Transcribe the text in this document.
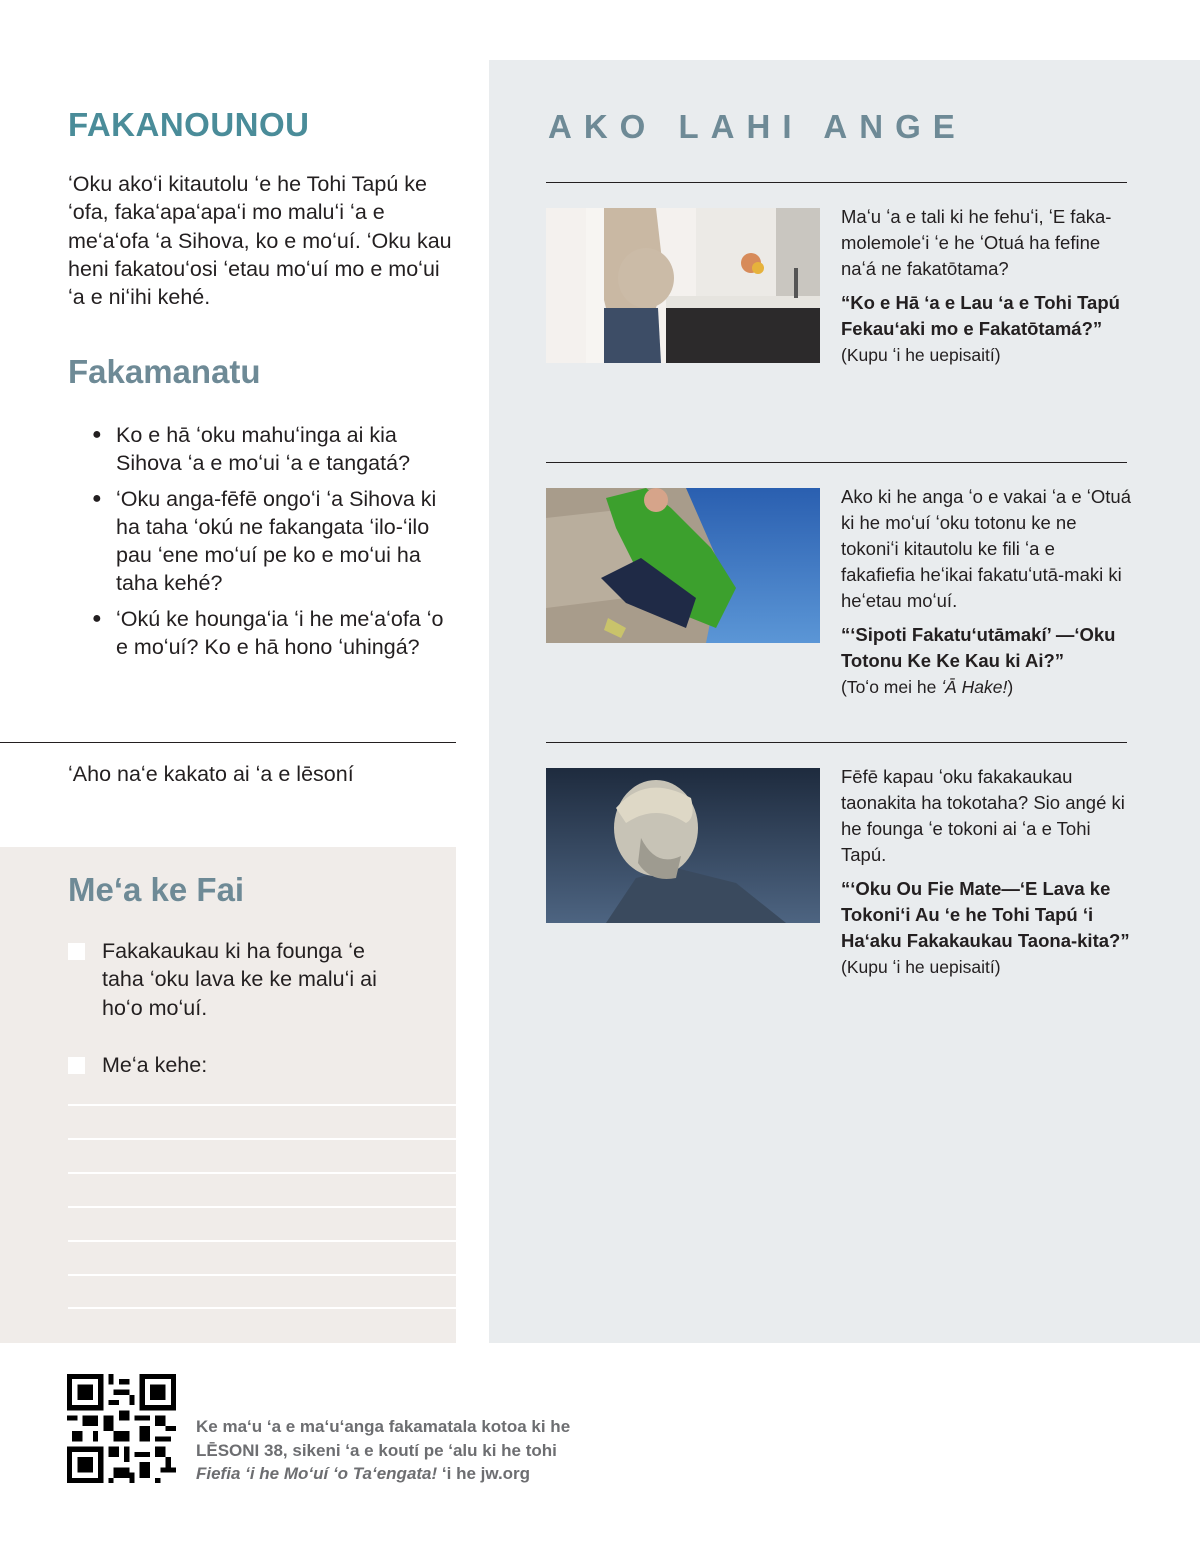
FAKANOUNOU

ʻOku akoʻi kitautolu ʻe he Tohi Tapú ke ʻofa, fakaʻapaʻapaʻi mo maluʻi ʻa e meʻaʻofa ʻa Sihova, ko e moʻuí. ʻOku kau heni fakatouʻosi ʻetau moʻuí mo e moʻui ʻa e niʻihi kehé.

Fakamanatu
● Ko e hā ʻoku mahuʻinga ai kia Sihova ʻa e moʻui ʻa e tangatá?
● ʻOku anga-fēfē ongoʻi ʻa Sihova ki ha taha ʻokú ne fakangata ʻilo-ʻilo pau ʻene moʻuí pe ko e moʻui ha taha kehé?
● ʻOkú ke houngaʻia ʻi he meʻaʻofa ʻo e moʻuí? Ko e hā hono ʻuhingá?

ʻAho naʻe kakato ai ʻa e lēsoní

Meʻa ke Fai
Fakakaukau ki ha founga ʻe taha ʻoku lava ke ke maluʻi ai hoʻo moʻuí.
Meʻa kehe:
AKO LAHI ANGE
Maʻu ʻa e tali ki he fehuʻi, ʻE faka-molemoleʻi ʻe he ʻOtuá ha fefine naʻá ne fakatōtama?
“Ko e Hā ʻa e Lau ʻa e Tohi Tapú Fekauʻaki mo e Fakatōtamá?”
(Kupu ʻi he uepisaití)
Ako ki he anga ʻo e vakai ʻa e ʻOtuá ki he moʻuí ʻoku totonu ke ne tokoniʻi kitautolu ke fili ʻa e fakafiefia heʻikai fakatuʻutā-maki ki heʻetau moʻuí.
“ʻSipoti Fakatuʻutāmakí’ —ʻOku Totonu Ke Ke Kau ki Ai?”
(Toʻo mei he ʻĀ Hake!)
Fēfē kapau ʻoku fakakaukau taonakita ha tokotaha? Sio angé ki he founga ʻe tokoni ai ʻa e Tohi Tapú.
“ʻOku Ou Fie Mate—ʻE Lava ke Tokoniʻi Au ʻe he Tohi Tapú ʻi Haʻaku Fakakaukau Taona-kita?” (Kupu ʻi he uepisaití)
Ke maʻu ʻa e maʻuʻanga fakamatala kotoa ki he
LĒSONI 38, sikeni ʻa e koutí pe ʻalu ki he tohi
Fiefia ʻi he Moʻuí ʻo Taʻengata! ʻi he jw.org
